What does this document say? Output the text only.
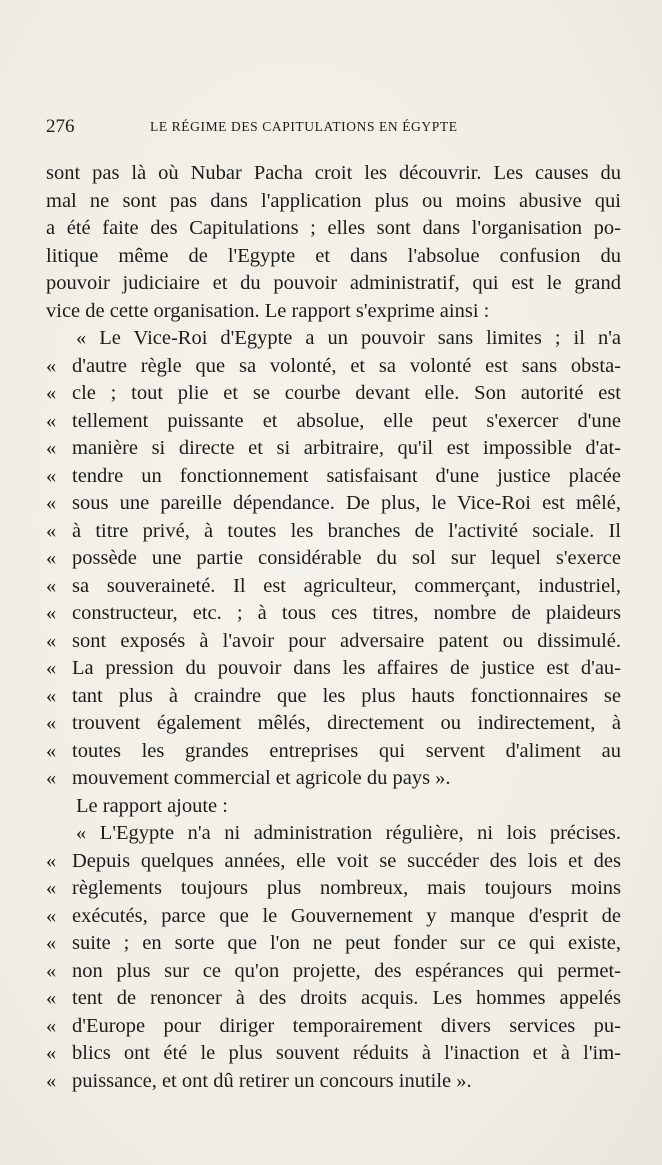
276	LE RÉGIME DES CAPITULATIONS EN ÉGYPTE
sont pas là où Nubar Pacha croit les découvrir. Les causes du
mal ne sont pas dans l'application plus ou moins abusive qui
a été faite des Capitulations ; elles sont dans l'organisation po-
litique même de l'Egypte et dans l'absolue confusion du
pouvoir judiciaire et du pouvoir administratif, qui est le grand
vice de cette organisation. Le rapport s'exprime ainsi :
« Le Vice-Roi d'Egypte a un pouvoir sans limites ; il n'a
« d'autre règle que sa volonté, et sa volonté est sans obsta-
« cle ; tout plie et se courbe devant elle. Son autorité est
« tellement puissante et absolue, elle peut s'exercer d'une
« manière si directe et si arbitraire, qu'il est impossible d'at-
« tendre un fonctionnement satisfaisant d'une justice placée
« sous une pareille dépendance. De plus, le Vice-Roi est mêlé,
« à titre privé, à toutes les branches de l'activité sociale. Il
« possède une partie considérable du sol sur lequel s'exerce
« sa souveraineté. Il est agriculteur, commerçant, industriel,
« constructeur, etc. ; à tous ces titres, nombre de plaideurs
« sont exposés à l'avoir pour adversaire patent ou dissimulé.
« La pression du pouvoir dans les affaires de justice est d'au-
« tant plus à craindre que les plus hauts fonctionnaires se
« trouvent également mêlés, directement ou indirectement, à
« toutes les grandes entreprises qui servent d'aliment au
« mouvement commercial et agricole du pays ».
Le rapport ajoute :
« L'Egypte n'a ni administration régulière, ni lois précises.
« Depuis quelques années, elle voit se succéder des lois et des
« règlements toujours plus nombreux, mais toujours moins
« exécutés, parce que le Gouvernement y manque d'esprit de
« suite ; en sorte que l'on ne peut fonder sur ce qui existe,
« non plus sur ce qu'on projette, des espérances qui permet-
« tent de renoncer à des droits acquis. Les hommes appelés
« d'Europe pour diriger temporairement divers services pu-
« blics ont été le plus souvent réduits à l'inaction et à l'im-
« puissance, et ont dû retirer un concours inutile ».
